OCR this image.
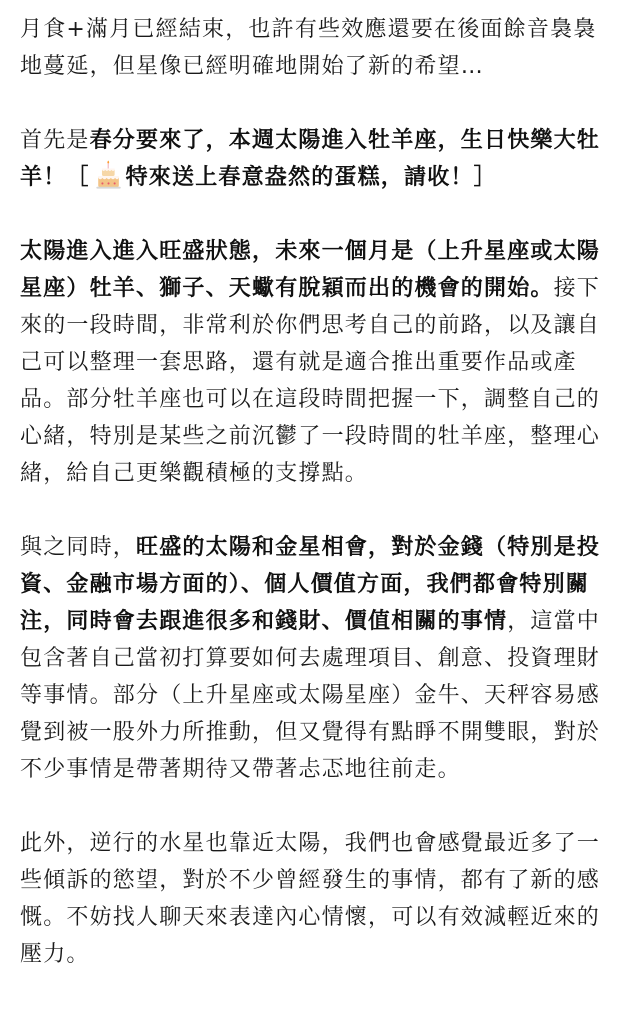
月食+滿月已經結束，也許有些效應還要在後面餘音裊裊地蔓延，但星像已經明確地開始了新的希望…

首先是春分要來了，本週太陽進入牡羊座，生日快樂大牡羊！［ 特來送上春意盎然的蛋糕，請收！］

太陽進入進入旺盛狀態，未來一個月是（上升星座或太陽星座）牡羊、獅子、天蠍有脫穎而出的機會的開始。接下來的一段時間，非常利於你們思考自己的前路，以及讓自己可以整理一套思路，還有就是適合推出重要作品或產品。部分牡羊座也可以在這段時間把握一下，調整自己的心緒，特別是某些之前沉鬱了一段時間的牡羊座，整理心緒，給自己更樂觀積極的支撐點。

與之同時，旺盛的太陽和金星相會，對於金錢（特別是投資、金融市場方面的）、個人價值方面，我們都會特別關注，同時會去跟進很多和錢財、價值相關的事情，這當中包含著自己當初打算要如何去處理項目、創意、投資理財等事情。部分（上升星座或太陽星座）金牛、天秤容易感覺到被一股外力所推動，但又覺得有點睜不開雙眼，對於不少事情是帶著期待又帶著忐忑地往前走。

此外，逆行的水星也靠近太陽，我們也會感覺最近多了一些傾訴的慾望，對於不少曾經發生的事情，都有了新的感慨。不妨找人聊天來表達內心情懷，可以有效減輕近來的壓力。
